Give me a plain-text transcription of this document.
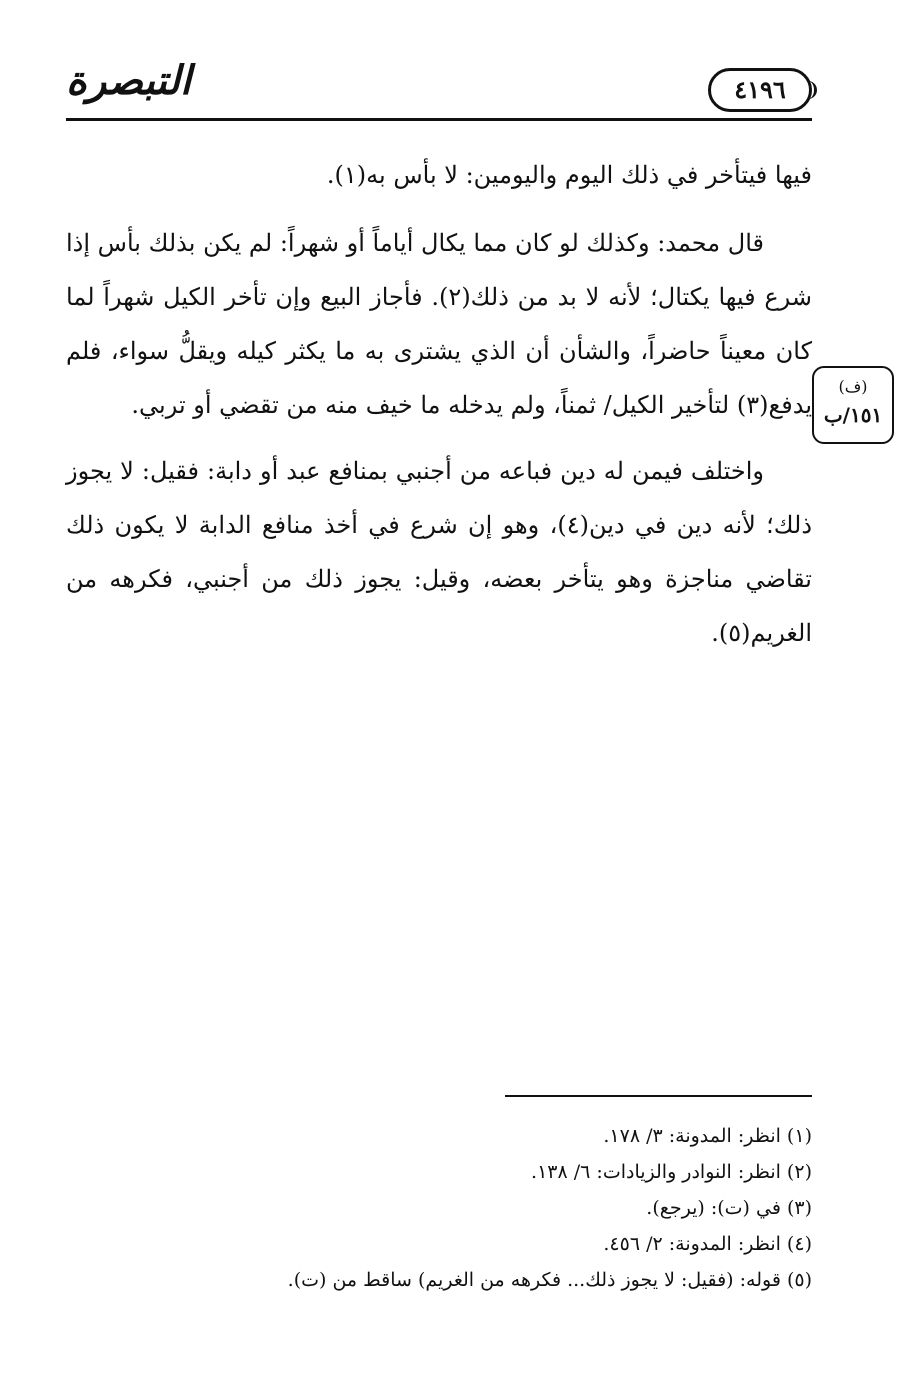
التبصرة	٤١٩٦

فيها فيتأخر في ذلك اليوم واليومين: لا بأس به(١).

قال محمد: وكذلك لو كان مما يكال أياماً أو شهراً: لم يكن بذلك بأس إذا شرع فيها يكتال؛ لأنه لا بد من ذلك(٢). فأجاز البيع وإن تأخر الكيل شهراً لما كان معيناً حاضراً، والشأن أن الذي يشترى به ما يكثر كيله ويقلُّ سواء، فلم يدفع(٣) لتأخير الكيل/ ثمناً، ولم يدخله ما خيف منه من تقضي أو تربي.

واختلف فيمن له دين فباعه من أجنبي بمنافع عبد أو دابة: فقيل: لا يجوز ذلك؛ لأنه دين في دين(٤)، وهو إن شرع في أخذ منافع الدابة لا يكون ذلك تقاضي مناجزة وهو يتأخر بعضه، وقيل: يجوز ذلك من أجنبي، فكرهه من الغريم(٥).

(ف)
١٥١/ب
(١) انظر: المدونة: ٣/ ١٧٨.
(٢) انظر: النوادر والزيادات: ٦/ ١٣٨.
(٣) في (ت): (يرجع).
(٤) انظر: المدونة: ٢/ ٤٥٦.
(٥) قوله: (فقيل: لا يجوز ذلك... فكرهه من الغريم) ساقط من (ت).
